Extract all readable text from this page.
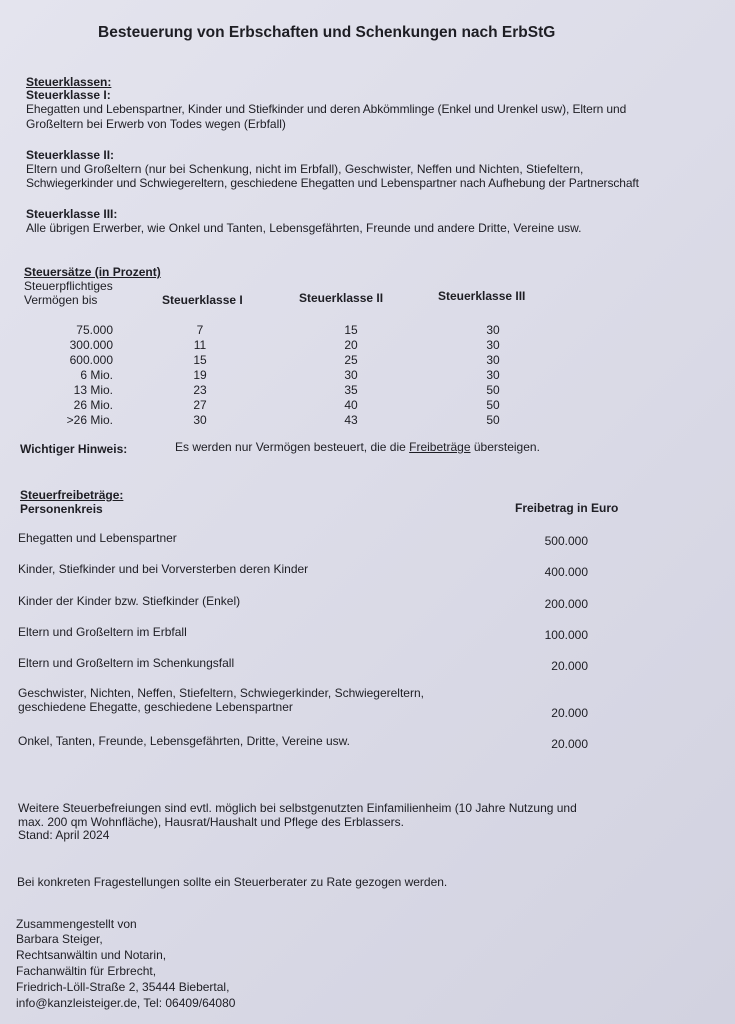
Besteuerung von Erbschaften und Schenkungen nach ErbStG
Steuerklassen:
Steuerklasse I:
Ehegatten und Lebenspartner, Kinder und Stiefkinder und deren Abkömmlinge (Enkel und Urenkel usw), Eltern und
Großeltern bei Erwerb von Todes wegen (Erbfall)
Steuerklasse II:
Eltern und Großeltern (nur bei Schenkung, nicht im Erbfall), Geschwister, Neffen und Nichten, Stiefeltern,
Schwiegerkinder und Schwiegereltern, geschiedene Ehegatten und Lebenspartner nach Aufhebung der Partnerschaft
Steuerklasse III:
Alle übrigen Erwerber, wie Onkel und Tanten, Lebensgefährten, Freunde und andere Dritte, Vereine usw.
Steuersätze (in Prozent)
Steuerpflichtiges
Vermögen bis	Steuerklasse I	Steuerklasse II	Steuerklasse III
75.000	7	15	30
300.000	11	20	30
600.000	15	25	30
6 Mio.	19	30	30
13 Mio.	23	35	50
26 Mio.	27	40	50
>26 Mio.	30	43	50
Wichtiger Hinweis:	Es werden nur Vermögen besteuert, die die Freibeträge übersteigen.
Steuerfreibeträge:
Personenkreis	Freibetrag in Euro
Ehegatten und Lebenspartner	500.000
Kinder, Stiefkinder und bei Vorversterben deren Kinder	400.000
Kinder der Kinder bzw. Stiefkinder (Enkel)	200.000
Eltern und Großeltern im Erbfall	100.000
Eltern und Großeltern im Schenkungsfall	20.000
Geschwister, Nichten, Neffen, Stiefeltern, Schwiegerkinder, Schwiegereltern,
geschiedene Ehegatte, geschiedene Lebenspartner	20.000
Onkel, Tanten, Freunde, Lebensgefährten, Dritte, Vereine usw.	20.000
Weitere Steuerbefreiungen sind evtl. möglich bei selbstgenutzten Einfamilienheim (10 Jahre Nutzung und
max. 200 qm Wohnfläche), Hausrat/Haushalt und Pflege des Erblassers.
Stand: April 2024
Bei konkreten Fragestellungen sollte ein Steuerberater zu Rate gezogen werden.
Zusammengestellt von
Barbara Steiger,
Rechtsanwältin und Notarin,
Fachanwältin für Erbrecht,
Friedrich-Löll-Straße 2, 35444 Biebertal,
info@kanzleisteiger.de, Tel: 06409/64080
